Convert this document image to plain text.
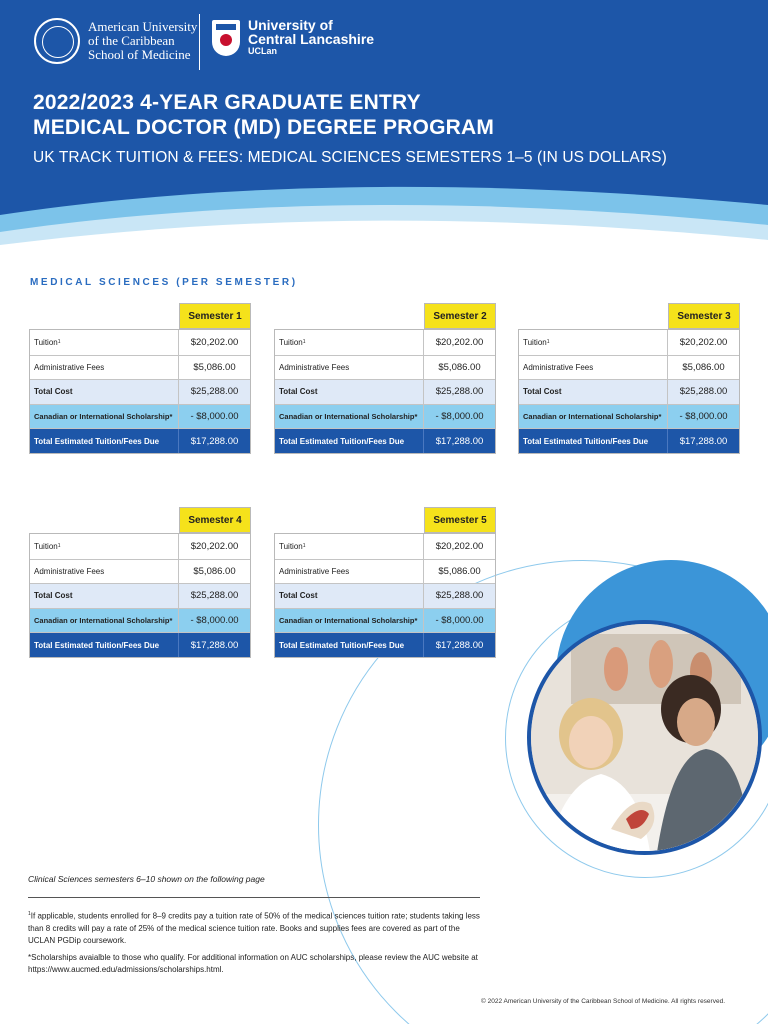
American University
of the Caribbean
School of Medicine
University of
Central Lancashire
UCLan
2022/2023 4-YEAR GRADUATE ENTRY
MEDICAL DOCTOR (MD) DEGREE PROGRAM
UK TRACK TUITION & FEES: MEDICAL SCIENCES SEMESTERS 1–5 (IN US DOLLARS)
MEDICAL SCIENCES (PER SEMESTER)
Semester 1
Tuition 1	$20,202.00
Administrative Fees	$5,086.00
Total Cost	$25,288.00
Canadian or International Scholarship*	- $8,000.00
Total Estimated Tuition/Fees Due	$17,288.00
Semester 2
Tuition 1	$20,202.00
Administrative Fees	$5,086.00
Total Cost	$25,288.00
Canadian or International Scholarship*	- $8,000.00
Total Estimated Tuition/Fees Due	$17,288.00
Semester 3
Tuition 1	$20,202.00
Administrative Fees	$5,086.00
Total Cost	$25,288.00
Canadian or International Scholarship*	- $8,000.00
Total Estimated Tuition/Fees Due	$17,288.00
Semester 4
Tuition 1	$20,202.00
Administrative Fees	$5,086.00
Total Cost	$25,288.00
Canadian or International Scholarship*	- $8,000.00
Total Estimated Tuition/Fees Due	$17,288.00
Semester 5
Tuition 1	$20,202.00
Administrative Fees	$5,086.00
Total Cost	$25,288.00
Canadian or International Scholarship*	- $8,000.00
Total Estimated Tuition/Fees Due	$17,288.00
Clinical Sciences semesters 6–10 shown on the following page
$^1$If applicable, students enrolled for 8–9 credits pay a tuition rate of 50% of the medical sciences tuition rate; students taking less than 8 credits will pay a rate of 25% of the medical science tuition rate. Books and supplies fees are covered as part of the UCLAN PGDip coursework.
*Scholarships avaialble to those who qualify. For additional information on AUC scholarships, please review the AUC website at https://www.aucmed.edu/admissions/scholarships.html.
© 2022 American University of the Caribbean School of Medicine. All rights reserved.
